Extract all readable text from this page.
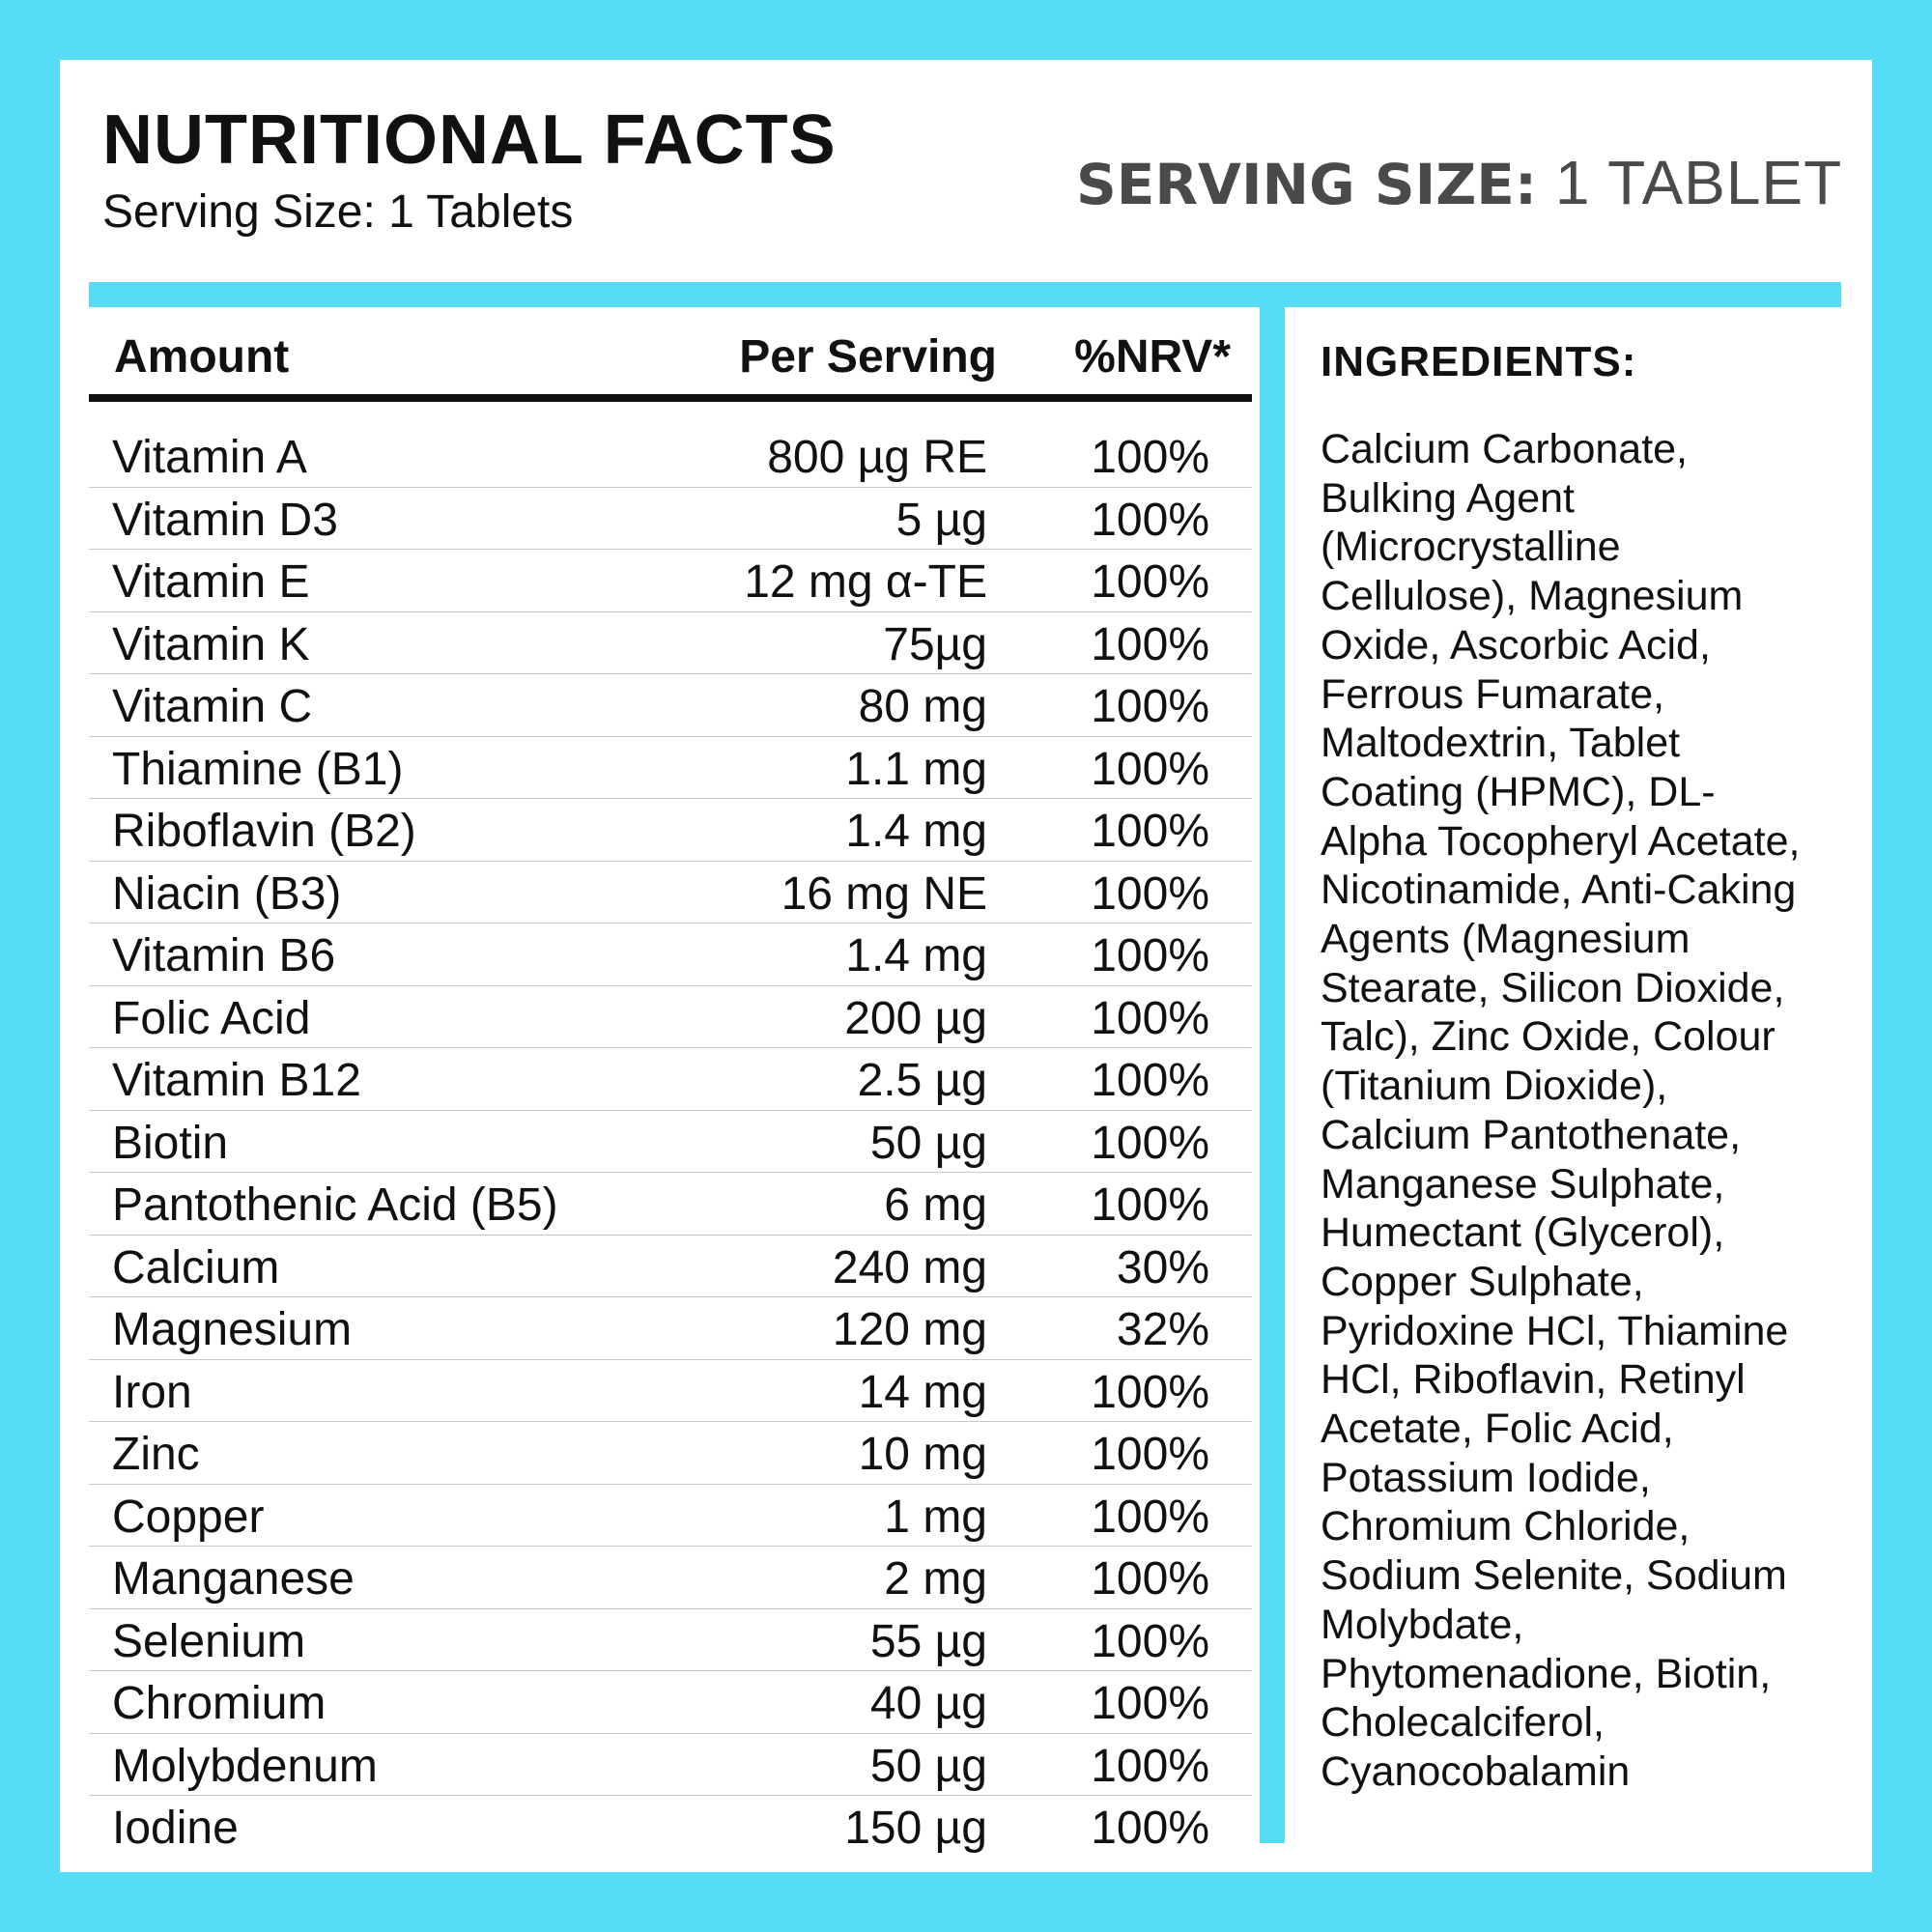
NUTRITIONAL FACTS
Serving Size: 1 Tablets	SERVING SIZE: 1 TABLET
Amount	Per Serving %NRV*
Vitamin A	800 µg RE 100%
Vitamin D3	5 µg 100%
Vitamin E	12 mg α-TE 100%
Vitamin K	75µg 100%
Vitamin C	80 mg 100%
Thiamine (B1)	1.1 mg 100%
Riboflavin (B2)	1.4 mg 100%
Niacin (B3)	16 mg NE 100%
Vitamin B6	1.4 mg 100%
Folic Acid	200 µg 100%
Vitamin B12	2.5 µg 100%
Biotin	50 µg 100%
Pantothenic Acid (B5)	6 mg 100%
Calcium	240 mg	30%
Magnesium	120 mg	32%
Iron	14 mg 100%
Zinc	10 mg 100%
Copper	1 mg 100%
Manganese	2 mg 100%
Selenium	55 µg 100%
Chromium	40 µg 100%
Molybdenum	50 µg 100%
Iodine	150 µg 100%
INGREDIENTS:
Calcium Carbonate,
Bulking Agent
(Microcrystalline
Cellulose), Magnesium
Oxide, Ascorbic Acid,
Ferrous Fumarate,
Maltodextrin, Tablet
Coating (HPMC), DL-
Alpha Tocopheryl Acetate,
Nicotinamide, Anti-Caking
Agents (Magnesium
Stearate, Silicon Dioxide,
Talc), Zinc Oxide, Colour
(Titanium Dioxide),
Calcium Pantothenate,
Manganese Sulphate,
Humectant (Glycerol),
Copper Sulphate,
Pyridoxine HCl, Thiamine
HCl, Riboflavin, Retinyl
Acetate, Folic Acid,
Potassium Iodide,
Chromium Chloride,
Sodium Selenite, Sodium
Molybdate,
Phytomenadione, Biotin,
Cholecalciferol,
Cyanocobalamin
